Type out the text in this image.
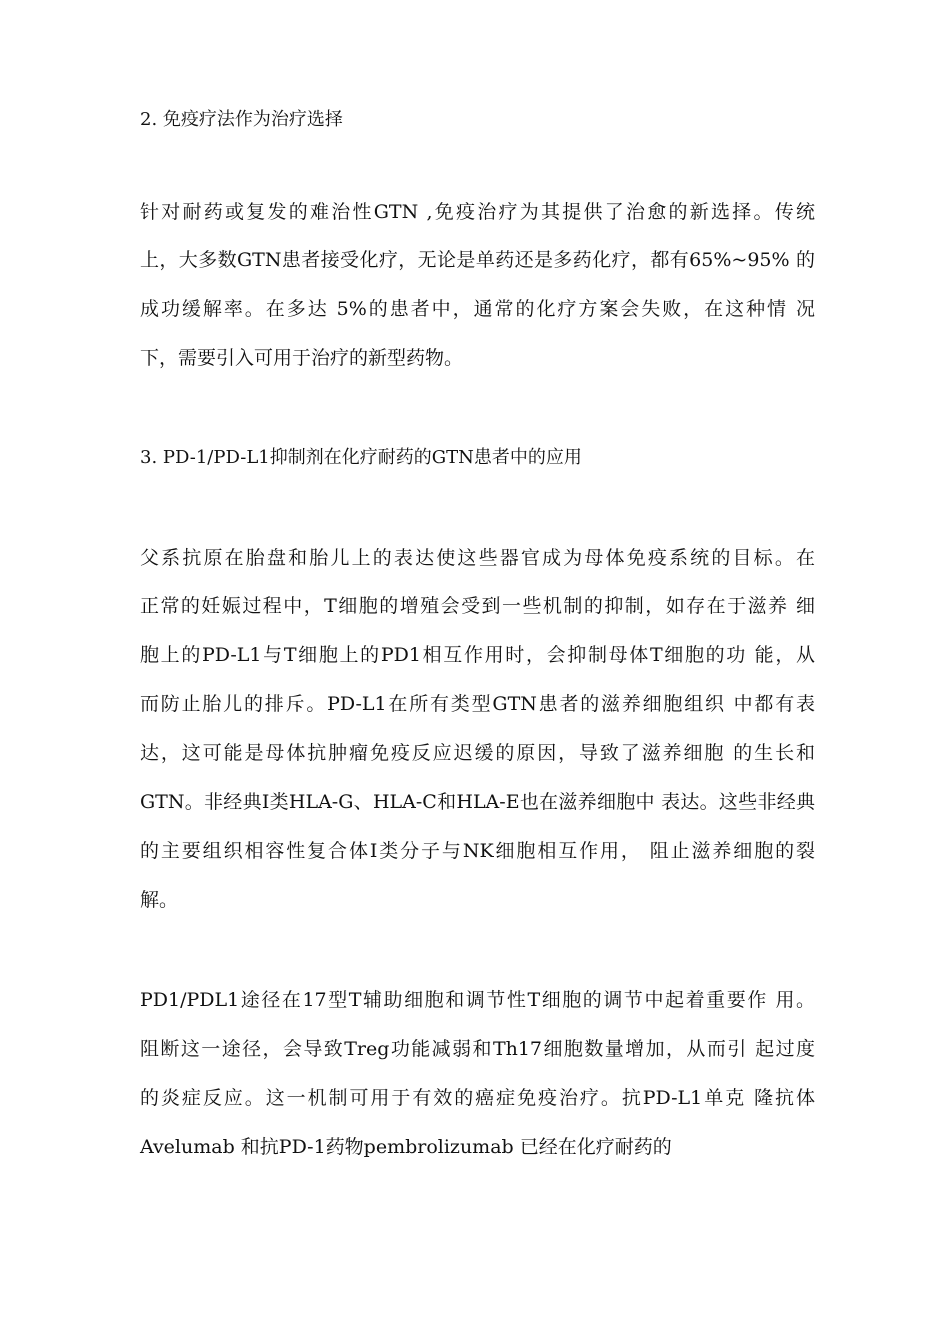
2. 免疫疗法作为治疗选择
针对耐药或复发的难治性GTN ,免疫治疗为其提供了治愈的新选择。传统
上，大多数GTN患者接受化疗，无论是单药还是多药化疗，都有65%~95% 的
成功缓解率。在多达 5%的患者中，通常的化疗方案会失败，在这种情 况
下，需要引入可用于治疗的新型药物。
3. PD-1/PD-L1抑制剂在化疗耐药的GTN患者中的应用
父系抗原在胎盘和胎儿上的表达使这些器官成为母体免疫系统的目标。在
正常的妊娠过程中，T细胞的增殖会受到一些机制的抑制，如存在于滋养 细
胞上的PD-L1与T细胞上的PD1相互作用时，会抑制母体T细胞的功 能，从
而防止胎儿的排斥。PD-L1在所有类型GTN患者的滋养细胞组织 中都有表
达，这可能是母体抗肿瘤免疫反应迟缓的原因，导致了滋养细胞 的生长和
GTN。非经典I类HLA-G、HLA-C和HLA-E也在滋养细胞中 表达。这些非经典
的主要组织相容性复合体I类分子与NK细胞相互作用， 阻止滋养细胞的裂
解。
PD1/PDL1途径在17型T辅助细胞和调节性T细胞的调节中起着重要作 用。
阻断这一途径，会导致Treg功能减弱和Th17细胞数量增加，从而引 起过度
的炎症反应。这一机制可用于有效的癌症免疫治疗。抗PD-L1单克 隆抗体
Avelumab 和抗PD-1药物pembrolizumab 已经在化疗耐药的
